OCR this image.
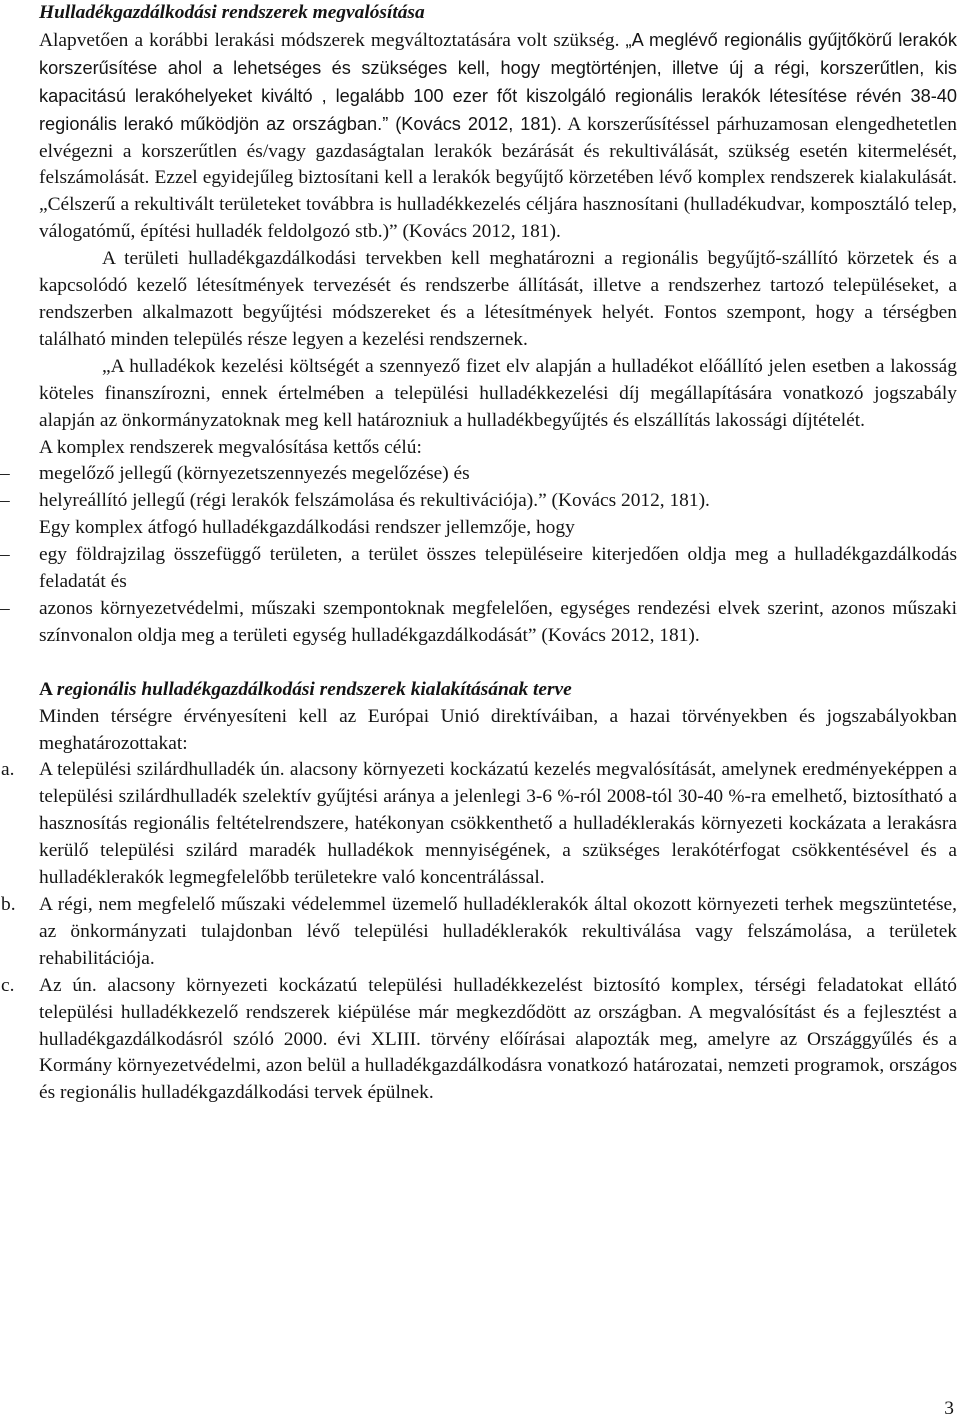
Hulladékgazdálkodási rendszerek megvalósítása

Alapvetően a korábbi lerakási módszerek megváltoztatására volt szükség. „A meglévő regionális gyűjtőkörű lerakók korszerűsítése ahol a lehetséges és szükséges kell, hogy megtörténjen, illetve új a régi, korszerűtlen, kis kapacitású lerakóhelyeket kiváltó , legalább 100 ezer főt kiszolgáló regionális lerakók létesítése révén 38-40 regionális lerakó működjön az országban.” (Kovács 2012, 181). A korszerűsítéssel párhuzamosan elengedhetetlen elvégezni a korszerűtlen és/vagy gazdaságtalan lerakók bezárását és rekultiválását, szükség esetén kitermelését, felszámolását. Ezzel egyidejűleg biztosítani kell a lerakók begyűjtő körzetében lévő komplex rendszerek kialakulását. „Célszerű a rekultivált területeket továbbra is hulladékkezelés céljára hasznosítani (hulladékudvar, komposztáló telep, válogatómű, építési hulladék feldolgozó stb.)” (Kovács 2012, 181).

A területi hulladékgazdálkodási tervekben kell meghatározni a regionális begyűjtő-szállító körzetek és a kapcsolódó kezelő létesítmények tervezését és rendszerbe állítását, illetve a rendszerhez tartozó településeket, a rendszerben alkalmazott begyűjtési módszereket és a létesítmények helyét. Fontos szempont, hogy a térségben található minden település része legyen a kezelési rendszernek.

„A hulladékok kezelési költségét a szennyező fizet elv alapján a hulladékot előállító jelen esetben a lakosság köteles finanszírozni, ennek értelmében a települési hulladékkezelési díj megállapítására vonatkozó jogszabály alapján az önkormányzatoknak meg kell határozniuk a hulladékbegyűjtés és elszállítás lakossági díjtételét.

A komplex rendszerek megvalósítása kettős célú:

–	megelőző jellegű (környezetszennyezés megelőzése) és

–	helyreállító jellegű (régi lerakók felszámolása és rekultivációja).” (Kovács 2012, 181).

Egy komplex átfogó hulladékgazdálkodási rendszer jellemzője, hogy

–	egy földrajzilag összefüggő területen, a terület összes településeire kiterjedően oldja meg a hulladékgazdálkodás feladatát és

–	azonos környezetvédelmi, műszaki szempontoknak megfelelően, egységes rendezési elvek szerint, azonos műszaki színvonalon oldja meg a területi egység hulladékgazdálkodását” (Kovács 2012, 181).

A regionális hulladékgazdálkodási rendszerek kialakításának terve

Minden térségre érvényesíteni kell az Európai Unió direktíváiban, a hazai törvényekben és jogszabályokban meghatározottakat:

a. A települési szilárdhulladék ún. alacsony környezeti kockázatú kezelés megvalósítását, amelynek eredményeképpen a települési szilárdhulladék szelektív gyűjtési aránya a jelenlegi 3-6 %-ról 2008-tól 30-40 %-ra emelhető, biztosítható a hasznosítás regionális feltételrendszere, hatékonyan csökkenthető a hulladéklerakás környezeti kockázata a lerakásra kerülő települési szilárd maradék hulladékok mennyiségének, a szükséges lerakótérfogat csökkentésével és a hulladéklerakók legmegfelelőbb területekre való koncentrálással.

b. A régi, nem megfelelő műszaki védelemmel üzemelő hulladéklerakók által okozott környezeti terhek megszüntetése, az önkormányzati tulajdonban lévő települési hulladéklerakók rekultiválása vagy felszámolása, a területek rehabilitációja.

c. Az ún. alacsony környezeti kockázatú települési hulladékkezelést biztosító komplex, térségi feladatokat ellátó települési hulladékkezelő rendszerek kiépülése már megkezdődött az országban. A megvalósítást és a fejlesztést a hulladékgazdálkodásról szóló 2000. évi XLIII. törvény előírásai alapozták meg, amelyre az Országgyűlés és a Kormány környezetvédelmi, azon belül a hulladékgazdálkodásra vonatkozó határozatai, nemzeti programok, országos és regionális hulladékgazdálkodási tervek épülnek.

3
